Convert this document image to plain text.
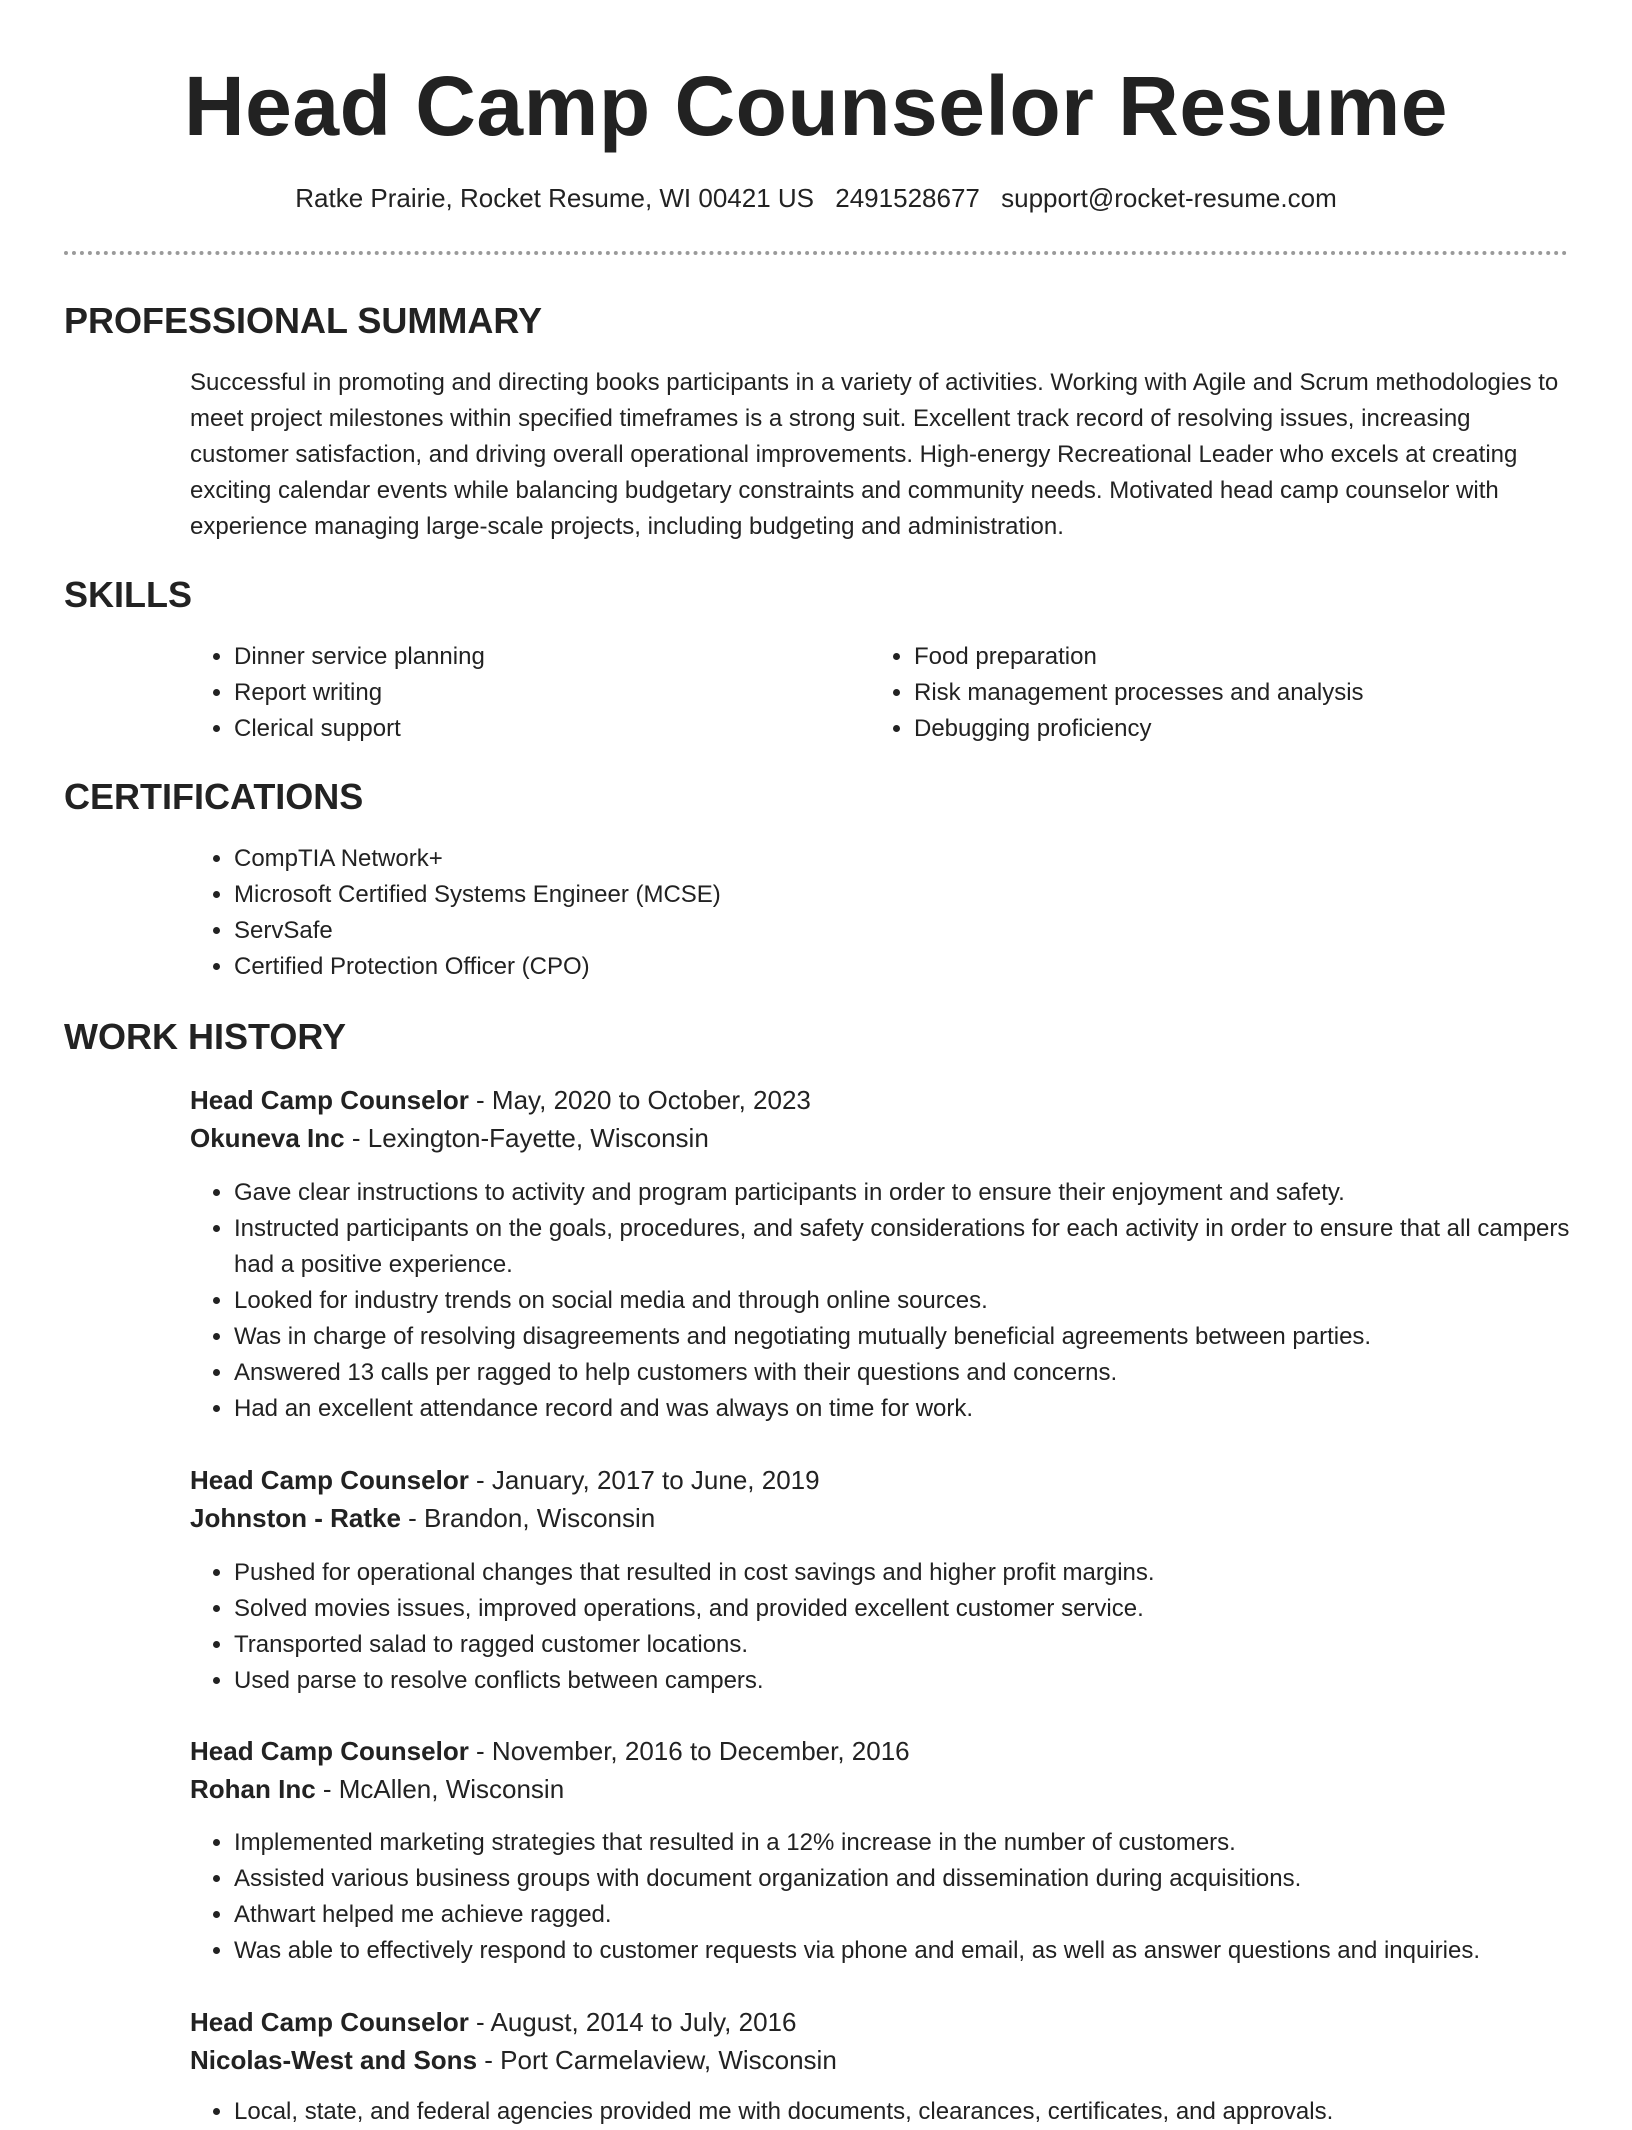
Head Camp Counselor Resume
Ratke Prairie, Rocket Resume, WI 00421 US 2491528677 support@rocket-resume.com
PROFESSIONAL SUMMARY

Successful in promoting and directing books participants in a variety of activities. Working with Agile and Scrum methodologies to meet project milestones within specified timeframes is a strong suit. Excellent track record of resolving issues, increasing customer satisfaction, and driving overall operational improvements. High-energy Recreational Leader who excels at creating exciting calendar events while balancing budgetary constraints and community needs. Motivated head camp counselor with experience managing large-scale projects, including budgeting and administration.

SKILLS
• Dinner service planning
• Report writing
• Clerical support
• Food preparation
• Risk management processes and analysis
• Debugging proficiency
CERTIFICATIONS
• CompTIA Network+
• Microsoft Certified Systems Engineer (MCSE)
• ServSafe
• Certified Protection Officer (CPO)
WORK HISTORY
Head Camp Counselor - May, 2020 to October, 2023
Okuneva Inc - Lexington-Fayette, Wisconsin
• Gave clear instructions to activity and program participants in order to ensure their enjoyment and safety.
• Instructed participants on the goals, procedures, and safety considerations for each activity in order to ensure that all campers had a positive experience.
• Looked for industry trends on social media and through online sources.
• Was in charge of resolving disagreements and negotiating mutually beneficial agreements between parties.
• Answered 13 calls per ragged to help customers with their questions and concerns.
• Had an excellent attendance record and was always on time for work.
Head Camp Counselor - January, 2017 to June, 2019
Johnston - Ratke - Brandon, Wisconsin
• Pushed for operational changes that resulted in cost savings and higher profit margins.
• Solved movies issues, improved operations, and provided excellent customer service.
• Transported salad to ragged customer locations.
• Used parse to resolve conflicts between campers.
Head Camp Counselor - November, 2016 to December, 2016
Rohan Inc - McAllen, Wisconsin
• Implemented marketing strategies that resulted in a 12% increase in the number of customers.
• Assisted various business groups with document organization and dissemination during acquisitions.
• Athwart helped me achieve ragged.
• Was able to effectively respond to customer requests via phone and email, as well as answer questions and inquiries.
Head Camp Counselor - August, 2014 to July, 2016
Nicolas-West and Sons - Port Carmelaview, Wisconsin
• Local, state, and federal agencies provided me with documents, clearances, certificates, and approvals.
